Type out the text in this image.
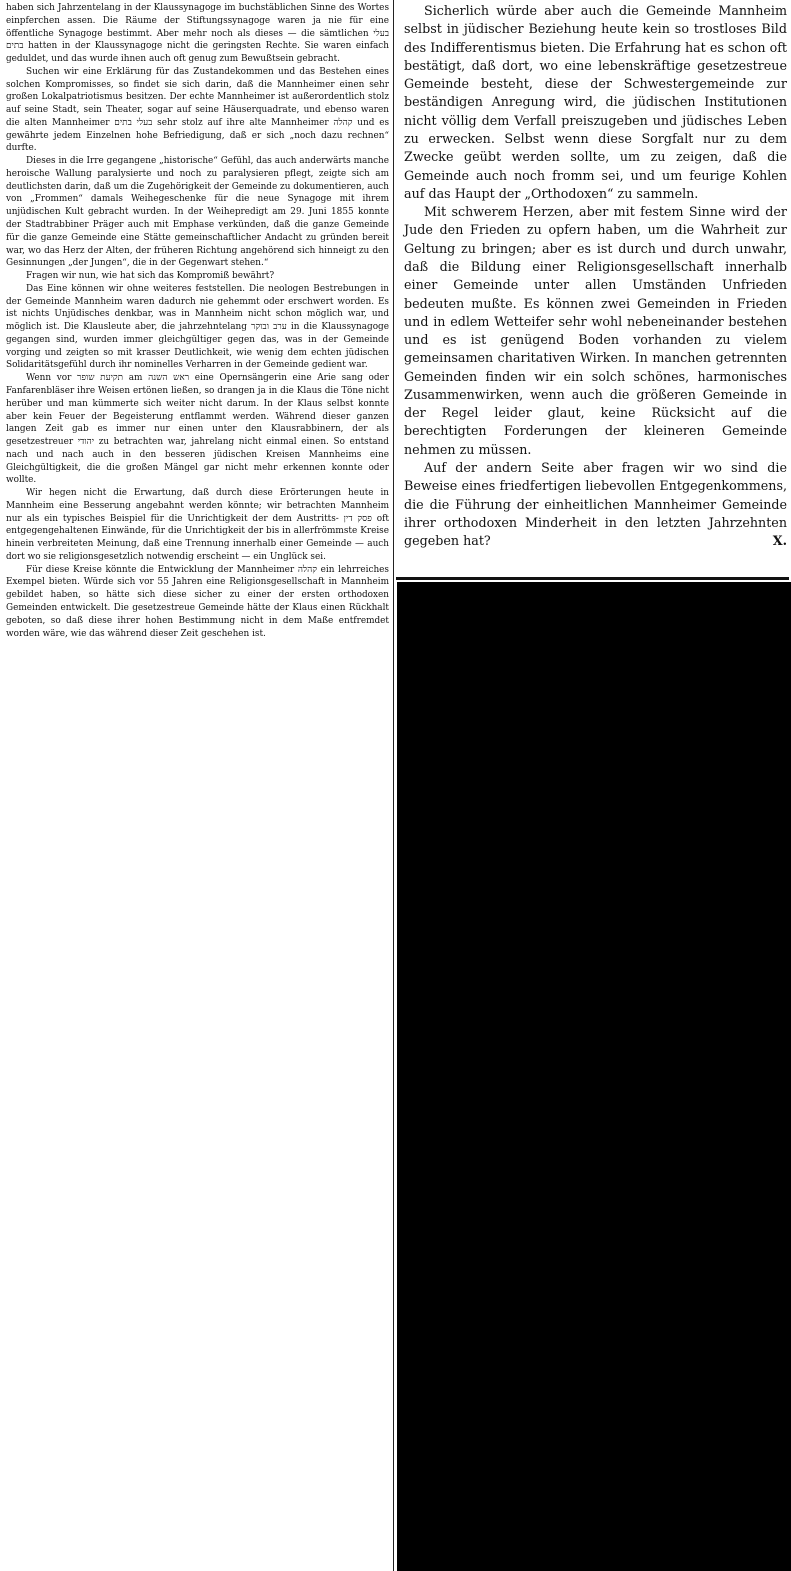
haben sich Jahrzentelang in der Klaussynagoge im buchstäblichen Sinne des Wortes einpferchen assen. Die Räume der Stiftungssynagoge waren ja nie für eine öffentliche Synagoge bestimmt. Aber mehr noch als dieses — die sämtlichen בעלי בתים hatten in der Klaussynagoge nicht die geringsten Rechte. Sie waren einfach geduldet, und das wurde ihnen auch oft genug zum Bewußtsein gebracht.

Suchen wir eine Erklärung für das Zustandekommen und das Bestehen eines solchen Kompromisses, so findet sie sich darin, daß die Mannheimer einen sehr großen Lokalpatriotismus besitzen. Der echte Mannheimer ist außerordentlich stolz auf seine Stadt, sein Theater, sogar auf seine Häuserquadrate, und ebenso waren die alten Mannheimer בעלי בתים sehr stolz auf ihre alte Mannheimer קהלה und es gewährte jedem Einzelnen hohe Befriedigung, daß er sich „noch dazu rechnen“ durfte.

Dieses in die Irre gegangene „historische“ Gefühl, das auch anderwärts manche heroische Wallung paralysierte und noch zu paralysieren pflegt, zeigte sich am deutlichsten darin, daß um die Zugehörigkeit der Gemeinde zu dokumentieren, auch von „Frommen“ damals Weihegeschenke für die neue Synagoge mit ihrem unjüdischen Kult gebracht wurden. In der Weihepredigt am 29. Juni 1855 konnte der Stadtrabbiner Präger auch mit Emphase verkünden, daß die ganze Gemeinde für die ganze Gemeinde eine Stätte gemeinschaftlicher Andacht zu gründen bereit war, wo das Herz der Alten, der früheren Richtung angehörend sich hinneigt zu den Gesinnungen „der Jungen“, die in der Gegenwart stehen.“

Fragen wir nun, wie hat sich das Kompromiß bewährt?

Das Eine können wir ohne weiteres feststellen. Die neologen Bestrebungen in der Gemeinde Mannheim waren dadurch nie gehemmt oder erschwert worden. Es ist nichts Unjüdisches denkbar, was in Mannheim nicht schon möglich war, und möglich ist. Die Klausleute aber, die jahrzehntelang ערב ובוקר in die Klaussynagoge gegangen sind, wurden immer gleichgültiger gegen das, was in der Gemeinde vorging und zeigten so mit krasser Deutlichkeit, wie wenig dem echten jüdischen Solidaritätsgefühl durch ihr nominelles Verharren in der Gemeinde gedient war.

Wenn vor תקיעת שופר am ראש השנה eine Opernsängerin eine Arie sang oder Fanfarenbläser ihre Weisen ertönen ließen, so drangen ja in die Klaus die Töne nicht herüber und man kümmerte sich weiter nicht darum. In der Klaus selbst konnte aber kein Feuer der Begeisterung entflammt werden. Während dieser ganzen langen Zeit gab es immer nur einen unter den Klausrabbinern, der als gesetzestreuer יהודי zu betrachten war, jahrelang nicht einmal einen. So entstand nach und nach auch in den besseren jüdischen Kreisen Mannheims eine Gleichgültigkeit, die die großen Mängel gar nicht mehr erkennen konnte oder wollte.

Wir hegen nicht die Erwartung, daß durch diese Erörterungen heute in Mannheim eine Besserung angebahnt werden könnte; wir betrachten Mannheim nur als ein typisches Beispiel für die Unrichtigkeit der dem Austritts- פסק דין oft entgegengehaltenen Einwände, für die Unrichtigkeit der bis in allerfrömmste Kreise hinein verbreiteten Meinung, daß eine Trennung innerhalb einer Gemeinde — auch dort wo sie religionsgesetzlich notwendig erscheint — ein Unglück sei.

Für diese Kreise könnte die Entwicklung der Mannheimer קהלה ein lehrreiches Exempel bieten. Würde sich vor 55 Jahren eine Religionsgesellschaft in Mannheim gebildet haben, so hätte sich diese sicher zu einer der ersten orthodoxen Gemeinden entwickelt. Die gesetzestreue Gemeinde hätte der Klaus einen Rückhalt geboten, so daß diese ihrer hohen Bestimmung nicht in dem Maße entfremdet worden wäre, wie das während dieser Zeit geschehen ist.

Sicherlich würde aber auch die Gemeinde Mannheim selbst in jüdischer Beziehung heute kein so trostloses Bild des Indifferentismus bieten. Die Erfahrung hat es schon oft bestätigt, daß dort, wo eine lebenskräftige gesetzestreue Gemeinde besteht, diese der Schwestergemeinde zur beständigen Anregung wird, die jüdischen Institutionen nicht völlig dem Verfall preiszugeben und jüdisches Leben zu erwecken. Selbst wenn diese Sorgfalt nur zu dem Zwecke geübt werden sollte, um zu zeigen, daß die Gemeinde auch noch fromm sei, und um feurige Kohlen auf das Haupt der „Orthodoxen“ zu sammeln.

Mit schwerem Herzen, aber mit festem Sinne wird der Jude den Frieden zu opfern haben, um die Wahrheit zur Geltung zu bringen; aber es ist durch und durch unwahr, daß die Bildung einer Religionsgesellschaft innerhalb einer Gemeinde unter allen Umständen Unfrieden bedeuten mußte. Es können zwei Gemeinden in Frieden und in edlem Wetteifer sehr wohl nebeneinander bestehen und es ist genügend Boden vorhanden zu vielem gemeinsamen charitativen Wirken. In manchen getrennten Gemeinden finden wir ein solch schönes, harmonisches Zusammenwirken, wenn auch die größeren Gemeinde in der Regel leider glaut, keine Rücksicht auf die berechtigten Forderungen der kleineren Gemeinde nehmen zu müssen.

Auf der andern Seite aber fragen wir wo sind die Beweise eines friedfertigen liebevollen Entgegenkommens, die die Führung der einheitlichen Mannheimer Gemeinde ihrer orthodoxen Minderheit in den letzten Jahrzehnten gegeben hat?	X.
